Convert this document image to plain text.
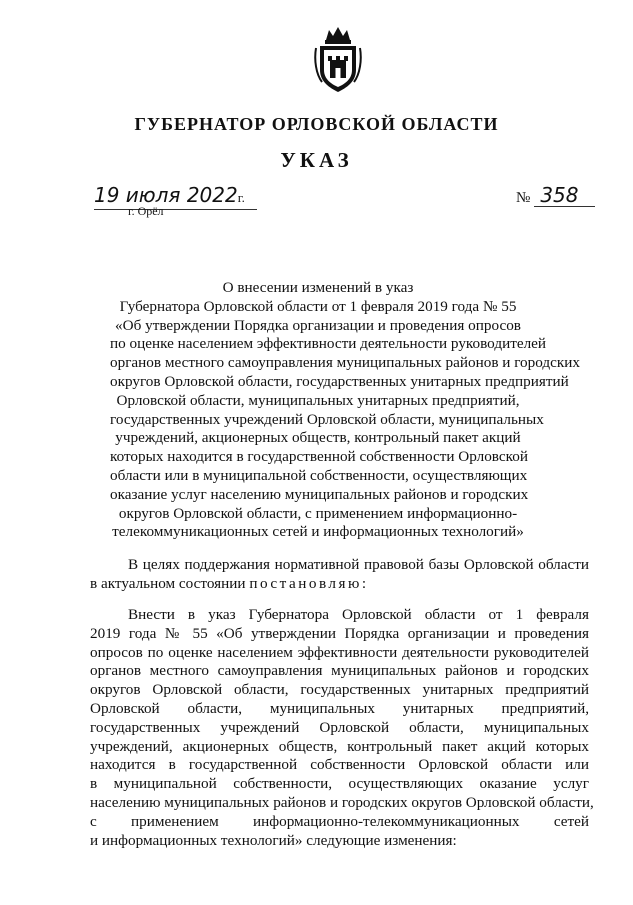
ГУБЕРНАТОР ОРЛОВСКОЙ ОБЛАСТИ
УКАЗ
19 июля 2022г.
г. Орёл
№ 358
О внесении изменений в указ
Губернатора Орловской области от 1 февраля 2019 года № 55
«Об утверждении Порядка организации и проведения опросов
по оценке населением эффективности деятельности руководителей
органов местного самоуправления муниципальных районов и городских
округов Орловской области, государственных унитарных предприятий
Орловской области, муниципальных унитарных предприятий,
государственных учреждений Орловской области, муниципальных
учреждений, акционерных обществ, контрольный пакет акций
которых находится в государственной собственности Орловской
области или в муниципальной собственности, осуществляющих
оказание услуг населению муниципальных районов и городских
округов Орловской области, с применением информационно-
телекоммуникационных сетей и информационных технологий»
В целях поддержания нормативной правовой базы Орловской области
в актуальном состоянии постановляю:
Внести в указ Губернатора Орловской области от 1 февраля
2019 года № 55 «Об утверждении Порядка организации и проведения
опросов по оценке населением эффективности деятельности руководителей
органов местного самоуправления муниципальных районов и городских
округов Орловской области, государственных унитарных предприятий
Орловской области, муниципальных унитарных предприятий,
государственных учреждений Орловской области, муниципальных
учреждений, акционерных обществ, контрольный пакет акций которых
находится в государственной собственности Орловской области или
в муниципальной собственности, осуществляющих оказание услуг
населению муниципальных районов и городских округов Орловской области,
с применением информационно-телекоммуникационных сетей
и информационных технологий» следующие изменения:
